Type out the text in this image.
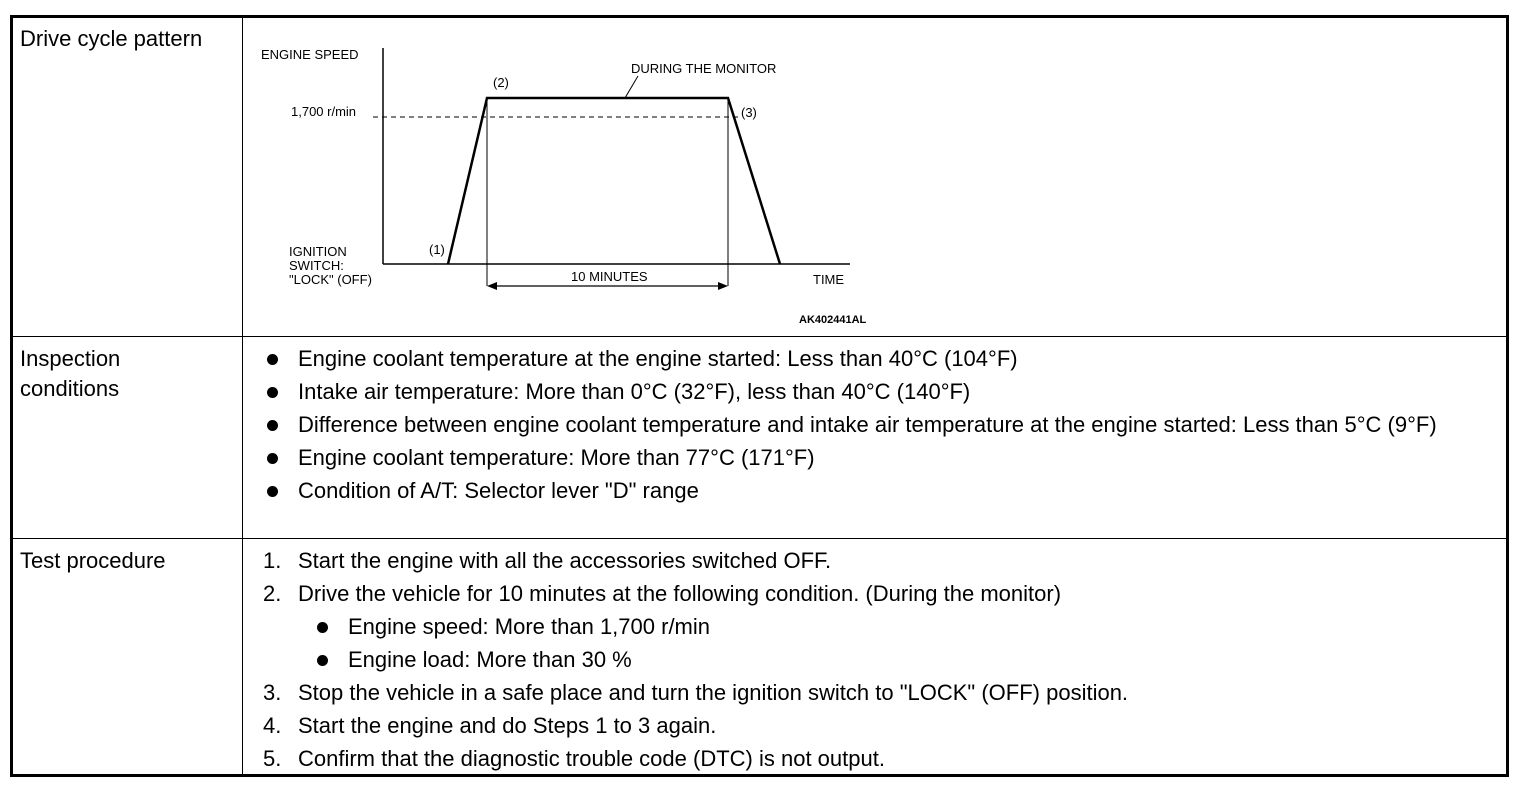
Drive cycle pattern
Inspection conditions
Test procedure
ENGINE SPEED
1,700 r/min
DURING THE MONITOR
(2)
(3)
(1)
IGNITION
SWITCH:
"LOCK" (OFF)	10 MINUTES	TIME
AK402441AL
Engine coolant temperature at the engine started: Less than 40°C (104°F)
Intake air temperature: More than 0°C (32°F), less than 40°C (140°F)
Difference between engine coolant temperature and intake air temperature at the engine started: Less than 5°C (9°F)
Engine coolant temperature: More than 77°C (171°F)
Condition of A/T: Selector lever "D" range
1. Start the engine with all the accessories switched OFF.
2. Drive the vehicle for 10 minutes at the following condition. (During the monitor)
Engine speed: More than 1,700 r/min
Engine load: More than 30 %
3. Stop the vehicle in a safe place and turn the ignition switch to "LOCK" (OFF) position.
4. Start the engine and do Steps 1 to 3 again.
5. Confirm that the diagnostic trouble code (DTC) is not output.
